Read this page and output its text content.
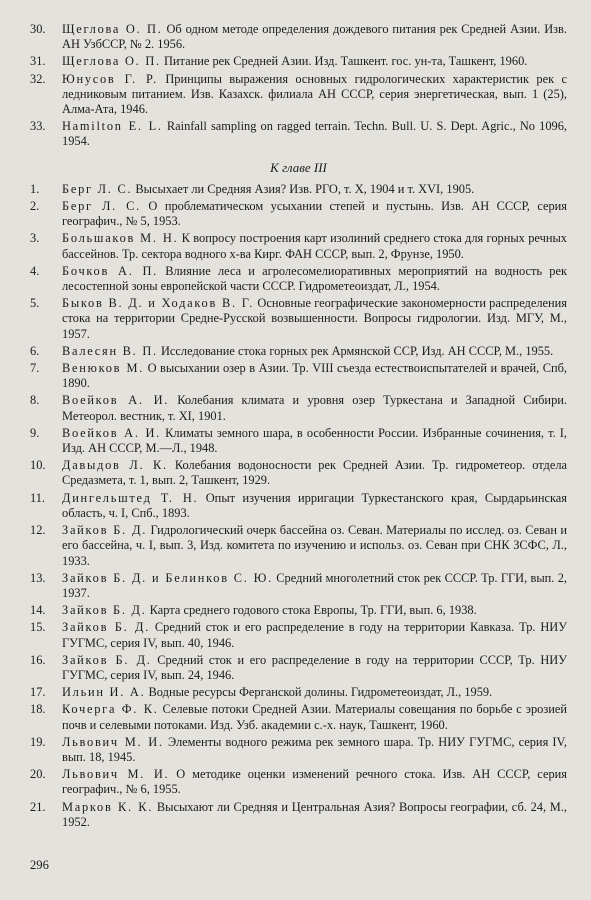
30.	Щеглова О. П. Об одном методе определения дождевого питания рек Средней Азии. Изв. АН УзбССР, № 2. 1956.
31.	Щеглова О. П. Питание рек Средней Азии. Изд. Ташкент. гос. ун-та, Ташкент, 1960.
32.	Юнусов Г. Р. Принципы выражения основных гидрологических характеристик рек с ледниковым питанием. Изв. Казахск. филиала АН СССР, серия энергетическая, вып. 1 (25), Алма-Ата, 1946.
33.	Hamilton E. L. Rainfall sampling on ragged terrain. Techn. Bull. U. S. Dept. Agric., No 1096, 1954.
К главе III
1.	Берг Л. С. Высыхает ли Средняя Азия? Изв. РГО, т. X, 1904 и т. XVI, 1905.
2.	Берг Л. С. О проблематическом усыхании степей и пустынь. Изв. АН СССР, серия географич., № 5, 1953.
3.	Большаков М. Н. К вопросу построения карт изолиний среднего стока для горных речных бассейнов. Тр. сектора водного х-ва Кирг. ФАН СССР, вып. 2, Фрунзе, 1950.
4.	Бочков А. П. Влияние леса и агролесомелиоративных мероприятий на водность рек лесостепной зоны европейской части СССР. Гидрометеоиздат, Л., 1954.
5.	Быков В. Д. и Ходаков В. Г. Основные географические закономерности распределения стока на территории Средне-Русской возвышенности. Вопросы гидрологии. Изд. МГУ, М., 1957.
6.	Валесян В. П. Исследование стока горных рек Армянской ССР, Изд. АН СССР, М., 1955.
7.	Венюков М. О высыхании озер в Азии. Тр. VIII съезда естествоиспытателей и врачей, Спб, 1890.
8.	Воейков А. И. Колебания климата и уровня озер Туркестана и Западной Сибири. Метеорол. вестник, т. XI, 1901.
9.	Воейков А. И. Климаты земного шара, в особенности России. Избранные сочинения, т. I, Изд. АН СССР, М.—Л., 1948.
10.	Давыдов Л. К. Колебания водоносности рек Средней Азии. Тр. гидрометеор. отдела Средазмета, т. 1, вып. 2, Ташкент, 1929.
11.	Дингельштед Т. Н. Опыт изучения ирригации Туркестанского края, Сырдарьинская область, ч. I, Спб., 1893.
12.	Зайков Б. Д. Гидрологический очерк бассейна оз. Севан. Материалы по исслед. оз. Севан и его бассейна, ч. I, вып. 3, Изд. комитета по изучению и использ. оз. Севан при СНК ЗСФС, Л., 1933.
13.	Зайков Б. Д. и Белинков С. Ю. Средний многолетний сток рек СССР. Тр. ГГИ, вып. 2, 1937.
14.	Зайков Б. Д. Карта среднего годового стока Европы, Тр. ГГИ, вып. 6, 1938.
15.	Зайков Б. Д. Средний сток и его распределение в году на территории Кавказа. Тр. НИУ ГУГМС, серия IV, вып. 40, 1946.
16.	Зайков Б. Д. Средний сток и его распределение в году на территории СССР, Тр. НИУ ГУГМС, серия IV, вып. 24, 1946.
17.	Ильин И. А. Водные ресурсы Ферганской долины. Гидрометеоиздат, Л., 1959.
18.	Кочерга Ф. К. Селевые потоки Средней Азии. Материалы совещания по борьбе с эрозией почв и селевыми потоками. Изд. Узб. академии с.-х. наук, Ташкент, 1960.
19.	Львович М. И. Элементы водного режима рек земного шара. Тр. НИУ ГУГМС, серия IV, вып. 18, 1945.
20.	Львович М. И. О методике оценки изменений речного стока. Изв. АН СССР, серия географич., № 6, 1955.
21.	Марков К. К. Высыхают ли Средняя и Центральная Азия? Вопросы географии, сб. 24, М., 1952.
296
